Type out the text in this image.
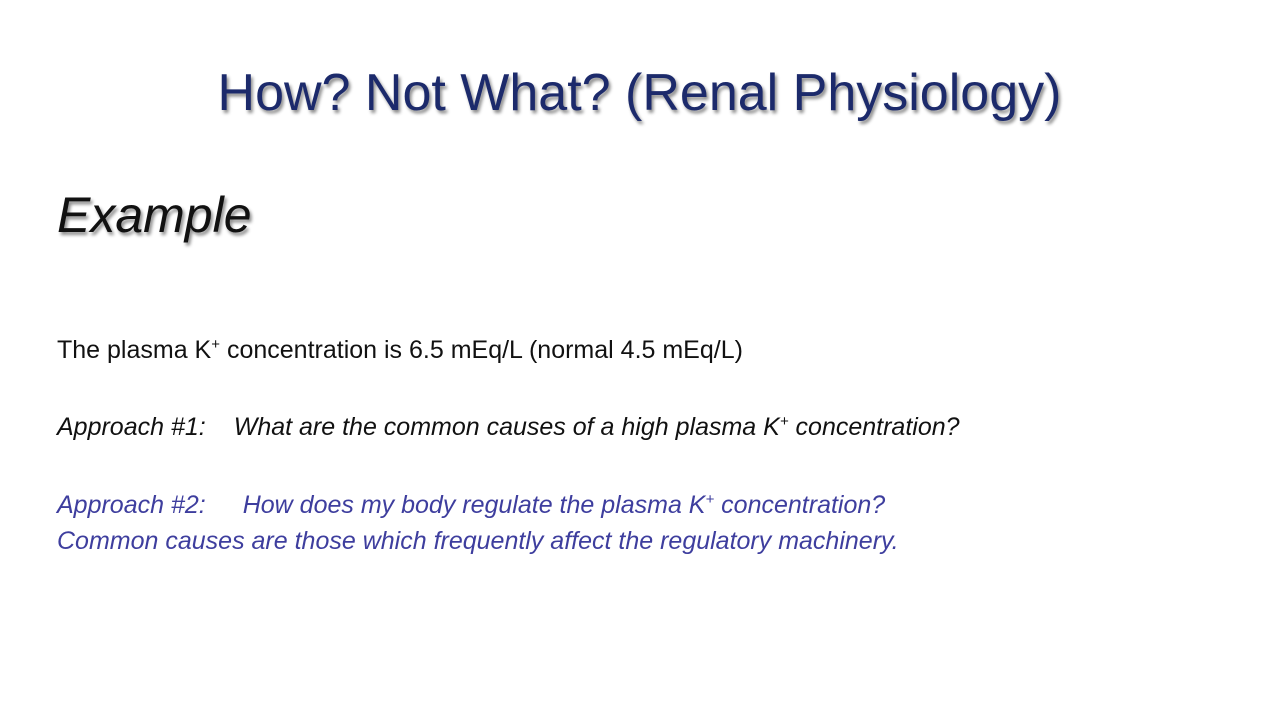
How? Not What? (Renal Physiology)
Example
The plasma K+ concentration is 6.5 mEq/L (normal 4.5 mEq/L)
Approach #1: What are the common causes of a high plasma K+ concentration?
Approach #2: How does my body regulate the plasma K+ concentration?
Common causes are those which frequently affect the regulatory machinery.
